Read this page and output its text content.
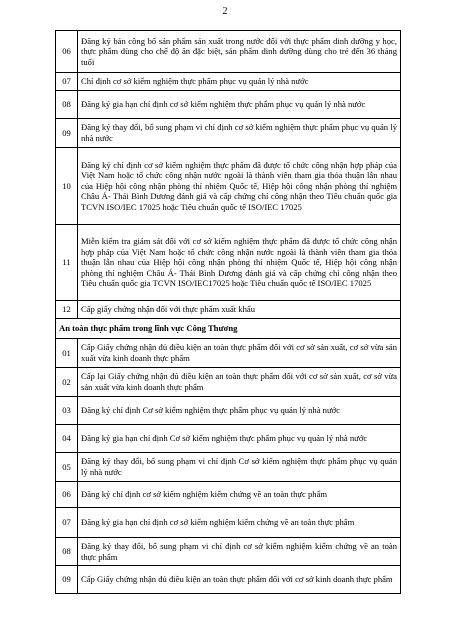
2
06	Đăng ký bản công bố sản phẩm sản xuất trong nước đối với thực phẩm dinh dưỡng y học, thực phẩm dùng cho chế độ ăn đặc biệt, sản phẩm dinh dưỡng dùng cho trẻ đến 36 tháng tuổi
07	Chỉ định cơ sở kiểm nghiệm thực phẩm phục vụ quản lý nhà nước
08	Đăng ký gia hạn chỉ định cơ sở kiểm nghiệm thực phẩm phục vụ quản lý nhà nước
09	Đăng ký thay đổi, bổ sung phạm vi chỉ định cơ sở kiểm nghiệm thực phẩm phục vụ quản lý nhà nước
10	Đăng ký chỉ định cơ sở kiểm nghiệm thực phẩm đã được tổ chức công nhận hợp pháp của Việt Nam hoặc tổ chức công nhận nước ngoài là thành viên tham gia thỏa thuận lẫn nhau của Hiệp hội công nhận phòng thí nhiệm Quốc tế, Hiệp hội công nhận phòng thí nghiệm Châu Á- Thái Bình Dương đánh giá và cấp chứng chỉ công nhận theo Tiêu chuẩn quốc gia TCVN ISO/IEC 17025 hoặc Tiêu chuẩn quốc tế ISO/IEC 17025
11	Miễn kiểm tra giám sát đối với cơ sở kiểm nghiệm thực phẩm đã được tổ chức công nhận hợp pháp của Việt Nam hoặc tổ chức công nhận nước ngoài là thành viên tham gia thỏa thuận lẫn nhau của Hiệp hội công nhận phòng thí nhiệm Quốc tế, Hiệp hội công nhận phòng thí nghiệm Châu Á- Thái Bình Dương đánh giá và cấp chứng chỉ công nhận theo Tiêu chuẩn quốc gia TCVN ISO/IEC17025 hoặc Tiêu chuẩn quốc tế ISO/IEC 17025
12	Cấp giấy chứng nhận đối với thực phẩm xuất khẩu
An toàn thực phẩm trong lĩnh vực Công Thương	
01	Cấp Giấy chứng nhận đủ điều kiện an toàn thực phẩm đối với cơ sở sản xuất, cơ sở vừa sản xuất vừa kinh doanh thực phẩm
02	Cấp lại Giấy chứng nhận đủ điều kiện an toàn thực phẩm đối với cơ sở sản xuất, cơ sở vừa sản xuất vừa kinh doanh thực phẩm
03	Đăng ký chỉ định Cơ sở kiểm nghiệm thực phẩm phục vụ quản lý nhà nước
04	Đăng ký gia hạn chỉ định Cơ sở kiểm nghiệm thực phẩm phục vụ quản lý nhà nước
05	Đăng ký thay đổi, bổ sung phạm vi chỉ định Cơ sở kiểm nghiệm thực phẩm phục vụ quản lý nhà nước
06	Đăng ký chỉ định cơ sở kiểm nghiệm kiểm chứng về an toàn thực phẩm
07	Đăng ký gia hạn chỉ định cơ sở kiểm nghiệm kiểm chứng về an toàn thực phẩm
08	Đăng ký thay đổi, bổ sung phạm vi chỉ định cơ sở kiểm nghiệm kiểm chứng về an toàn thực phẩm
09	Cấp Giấy chứng nhận đủ điều kiện an toàn thực phẩm đối với cơ sở kinh doanh thực phẩm
